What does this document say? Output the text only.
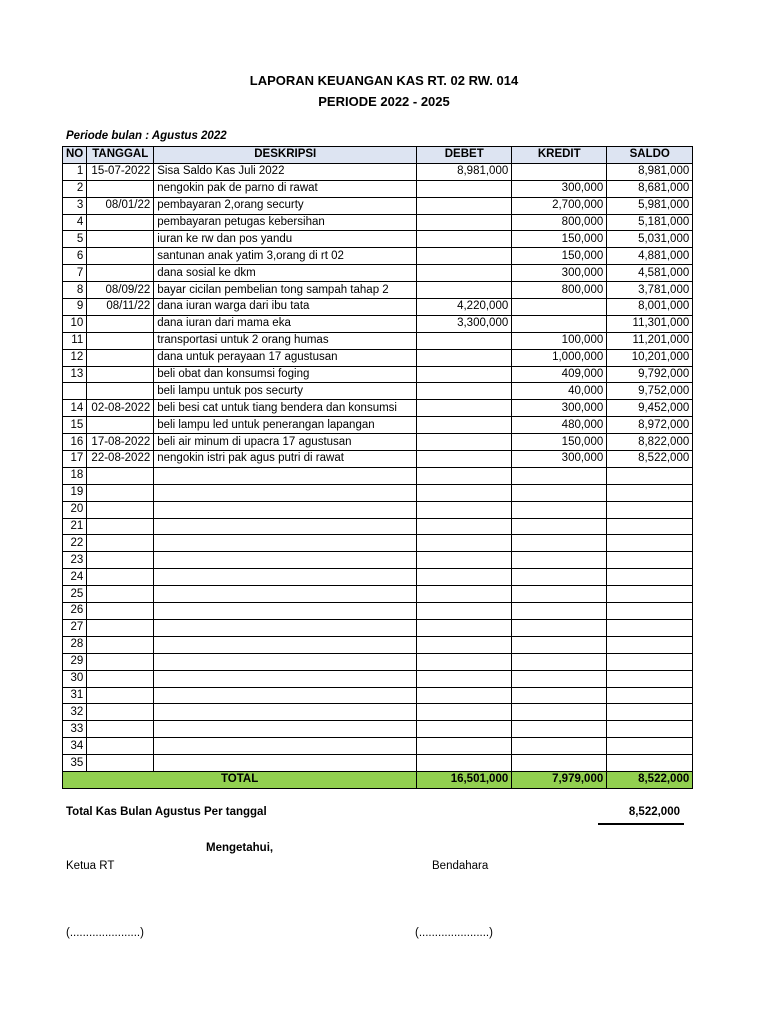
LAPORAN KEUANGAN KAS RT. 02 RW. 014
PERIODE 2022 - 2025
Periode bulan : Agustus 2022
NO	TANGGAL	DESKRIPSI	DEBET	KREDIT	SALDO
1	15-07-2022	Sisa Saldo Kas Juli 2022	8,981,000		8,981,000
2		nengokin pak de parno di rawat		300,000	8,681,000
3	08/01/22	pembayaran 2,orang securty		2,700,000	5,981,000
4		pembayaran petugas kebersihan		800,000	5,181,000
5		iuran ke rw dan pos yandu		150,000	5,031,000
6		santunan anak yatim 3,orang di rt 02		150,000	4,881,000
7		dana sosial ke dkm		300,000	4,581,000
8	08/09/22	bayar cicilan pembelian tong sampah tahap 2		800,000	3,781,000
9	08/11/22	dana iuran warga dari ibu tata	4,220,000		8,001,000
10		dana iuran dari mama eka	3,300,000		11,301,000
11		transportasi untuk 2 orang humas		100,000	11,201,000
12		dana untuk perayaan 17 agustusan		1,000,000	10,201,000
13		beli obat dan konsumsi foging		409,000	9,792,000
		beli lampu untuk pos securty		40,000	9,752,000
14	02-08-2022	beli besi cat untuk tiang bendera dan konsumsi		300,000	9,452,000
15		beli lampu led untuk penerangan lapangan		480,000	8,972,000
16	17-08-2022	beli air minum di upacra 17 agustusan		150,000	8,822,000
17	22-08-2022	nengokin istri pak agus putri di rawat		300,000	8,522,000
18					
19					
20					
21					
22					
23					
24					
25					
26					
27					
28					
29					
30					
31					
32					
33					
34					
35					
TOTAL			16,501,000	7,979,000	8,522,000
Total Kas Bulan Agustus Per tanggal	8,522,000
Mengetahui,
Ketua RT	Bendahara
(......................)	(......................)
